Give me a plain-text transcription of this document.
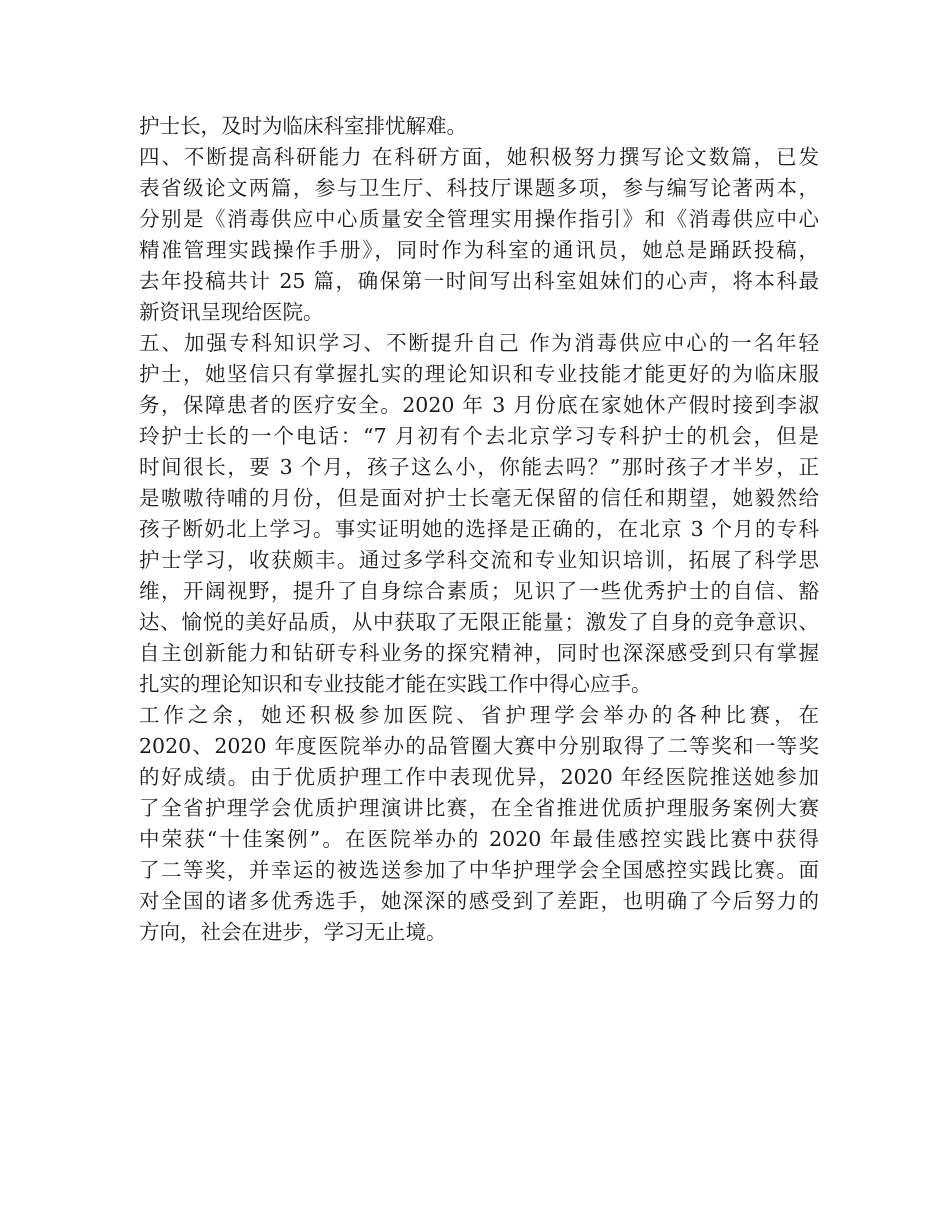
护士长，及时为临床科室排忧解难。
四、不断提高科研能力 在科研方面，她积极努力撰写论文数篇，已发
表省级论文两篇，参与卫生厅、科技厅课题多项，参与编写论著两本，
分别是《消毒供应中心质量安全管理实用操作指引》和《消毒供应中心
精准管理实践操作手册》，同时作为科室的通讯员，她总是踊跃投稿，
去年投稿共计 25 篇，确保第一时间写出科室姐妹们的心声，将本科最
新资讯呈现给医院。
五、加强专科知识学习、不断提升自己 作为消毒供应中心的一名年轻
护士，她坚信只有掌握扎实的理论知识和专业技能才能更好的为临床服
务，保障患者的医疗安全。2020 年 3 月份底在家她休产假时接到李淑
玲护士长的一个电话：“7 月初有个去北京学习专科护士的机会，但是
时间很长，要 3 个月，孩子这么小，你能去吗？”那时孩子才半岁，正
是嗷嗷待哺的月份，但是面对护士长毫无保留的信任和期望，她毅然给
孩子断奶北上学习。事实证明她的选择是正确的，在北京 3 个月的专科
护士学习，收获颇丰。通过多学科交流和专业知识培训，拓展了科学思
维，开阔视野，提升了自身综合素质；见识了一些优秀护士的自信、豁
达、愉悦的美好品质，从中获取了无限正能量；激发了自身的竞争意识、
自主创新能力和钻研专科业务的探究精神，同时也深深感受到只有掌握
扎实的理论知识和专业技能才能在实践工作中得心应手。
工作之余，她还积极参加医院、省护理学会举办的各种比赛，在
2020、2020 年度医院举办的品管圈大赛中分别取得了二等奖和一等奖
的好成绩。由于优质护理工作中表现优异，2020 年经医院推送她参加
了全省护理学会优质护理演讲比赛，在全省推进优质护理服务案例大赛
中荣获“十佳案例”。在医院举办的 2020 年最佳感控实践比赛中获得
了二等奖，并幸运的被选送参加了中华护理学会全国感控实践比赛。面
对全国的诸多优秀选手，她深深的感受到了差距，也明确了今后努力的
方向，社会在进步，学习无止境。
